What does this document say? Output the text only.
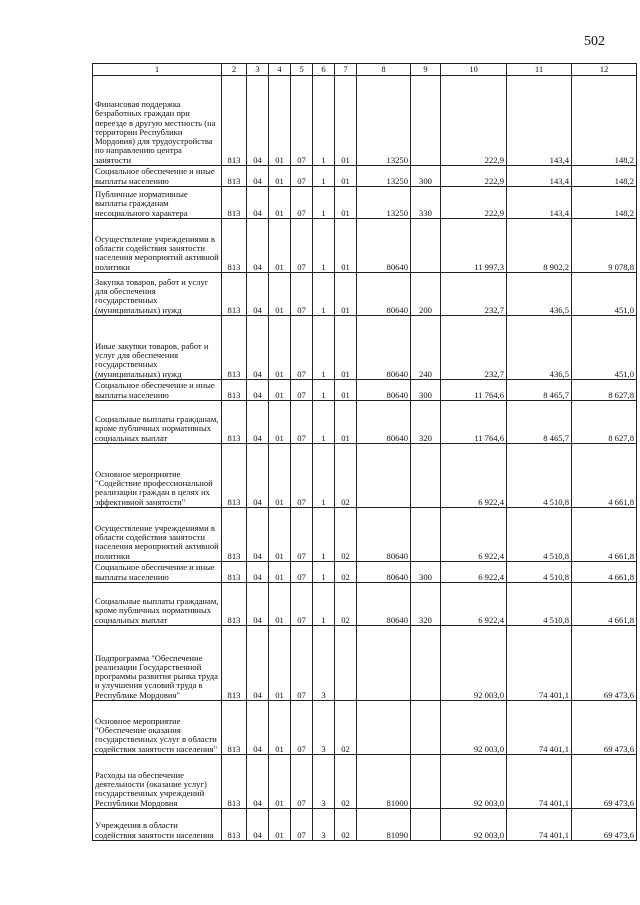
502
1	2	3	4	5	6	7	8	9	10	11	12
Финансовая поддержка безработных граждан при переезде в другую местность (на территории Республики Мордовия) для трудоустройства по направлению центра занятости	813	04	01	07	1	01	13250		222,9	143,4	148,2
Социальное обеспечение и иные выплаты населению	813	04	01	07	1	01	13250	300	222,9	143,4	148,2
Публичные нормативные выплаты гражданам несоциального характера	813	04	01	07	1	01	13250	330	222,9	143,4	148,2
Осуществление учреждениями в области содействия занятости населения мероприятий активной политики	813	04	01	07	1	01	80640		11 997,3	8 902,2	9 078,8
Закупка товаров, работ и услуг для обеспечения государственных (муниципальных) нужд	813	04	01	07	1	01	80640	200	232,7	436,5	451,0
Иные закупки товаров, работ и услуг для обеспечения государственных (муниципальных) нужд	813	04	01	07	1	01	80640	240	232,7	436,5	451,0
Социальное обеспечение и иные выплаты населению	813	04	01	07	1	01	80640	300	11 764,6	8 465,7	8 627,8
Социальные выплаты гражданам, кроме публичных нормативных социальных выплат	813	04	01	07	1	01	80640	320	11 764,6	8 465,7	8 627,8
Основное мероприятие "Содействие профессиональной реализации граждан в целях их эффективной занятости"	813	04	01	07	1	02			6 922,4	4 510,8	4 661,8
Осуществление учреждениями в области содействия занятости населения мероприятий активной политики	813	04	01	07	1	02	80640		6 922,4	4 510,8	4 661,8
Социальное обеспечение и иные выплаты населению	813	04	01	07	1	02	80640	300	6 922,4	4 510,8	4 661,8
Социальные выплаты гражданам, кроме публичных нормативных социальных выплат	813	04	01	07	1	02	80640	320	6 922,4	4 510,8	4 661,8
Подпрограмма "Обеспечение реализации Государственной программы развития рынка труда и улучшения условий труда в Республике Мордовия"	813	04	01	07	3				92 003,0	74 401,1	69 473,6
Основное мероприятие "Обеспечение оказания государственных услуг в области содействия занятости населения"	813	04	01	07	3	02			92 003,0	74 401,1	69 473,6
Расходы на обеспечение деятельности (оказание услуг) государственных учреждений Республики Мордовия	813	04	01	07	3	02	81000		92 003,0	74 401,1	69 473,6
Учреждения в области содействия занятости населения	813	04	01	07	3	02	81090		92 003,0	74 401,1	69 473,6
